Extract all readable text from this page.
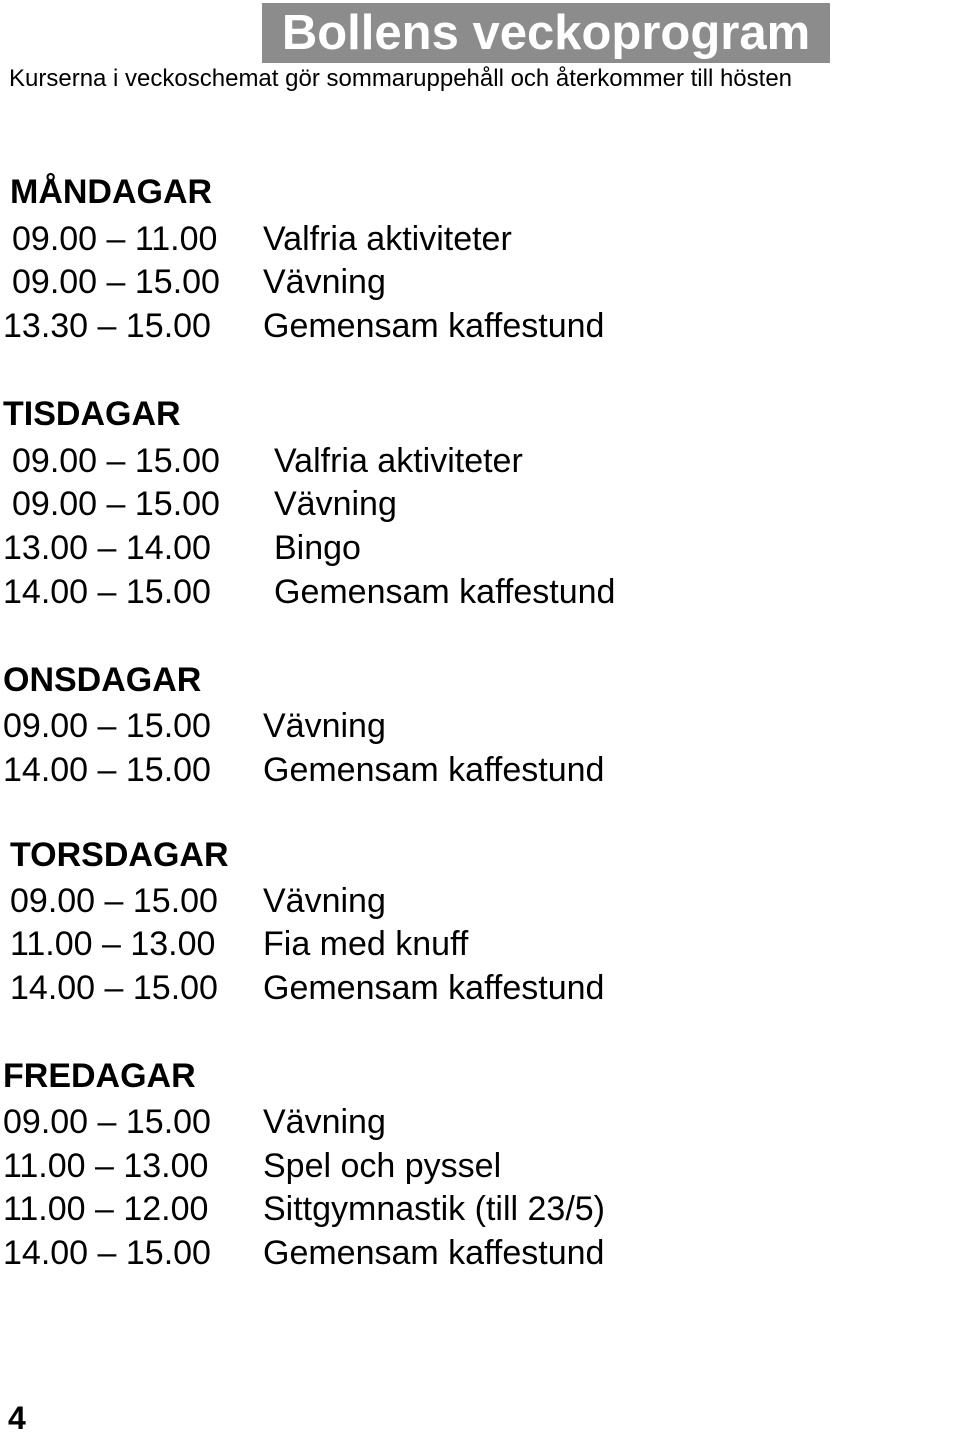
Bollens veckoprogram
Kurserna i veckoschemat gör sommaruppehåll och återkommer till hösten
MÅNDAGAR
09.00 – 11.00 Valfria aktiviteter
09.00 – 15.00 Vävning
13.30 – 15.00 Gemensam kaffestund
TISDAGAR
09.00 – 15.00 Valfria aktiviteter
09.00 – 15.00 Vävning
13.00 – 14.00 Bingo
14.00 – 15.00 Gemensam kaffestund
ONSDAGAR
09.00 – 15.00 Vävning
14.00 – 15.00 Gemensam kaffestund
TORSDAGAR
09.00 – 15.00 Vävning
11.00 – 13.00 Fia med knuff
14.00 – 15.00 Gemensam kaffestund
FREDAGAR
09.00 – 15.00 Vävning
11.00 – 13.00 Spel och pyssel
11.00 – 12.00 Sittgymnastik (till 23/5)
14.00 – 15.00 Gemensam kaffestund
4
